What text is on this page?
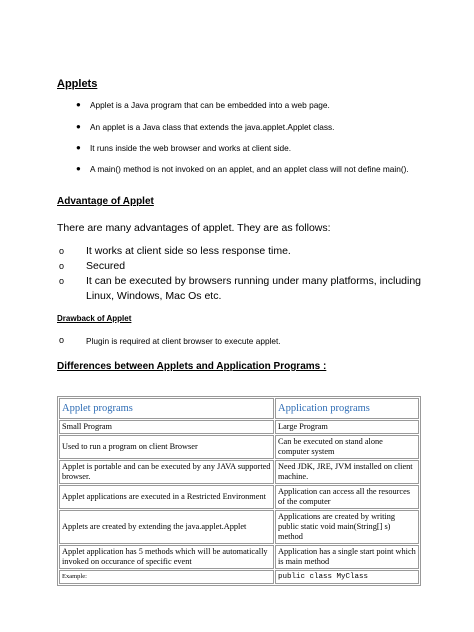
Applets
● Applet is a Java program that can be embedded into a web page.
● An applet is a Java class that extends the java.applet.Applet class.
● It runs inside the web browser and works at client side.
● A main() method is not invoked on an applet, and an applet class will not define main().
Advantage of Applet
There are many advantages of applet. They are as follows:
o It works at client side so less response time.
o Secured
o It can be executed by browsers running under many platforms, including Linux, Windows, Mac Os etc.
Drawback of Applet
o	Plugin is required at client browser to execute applet.
Differences between Applets and Application Programs :
Applet programs	Application programs
Small Program	Large Program
Used to run a program on client Browser	Can be executed on stand alone computer system
Applet is portable and can be executed by any JAVA supported browser.	Need JDK, JRE, JVM installed on client machine.
Applet applications are executed in a Restricted Environment	Application can access all the resources of the computer
Applets are created by extending the java.applet.Applet	Applications are created by writing public static void main(String[] s) method
Applet application has 5 methods which will be automatically invoked on occurance of specific event	Application has a single start point which is main method
Example:	public class MyClass
